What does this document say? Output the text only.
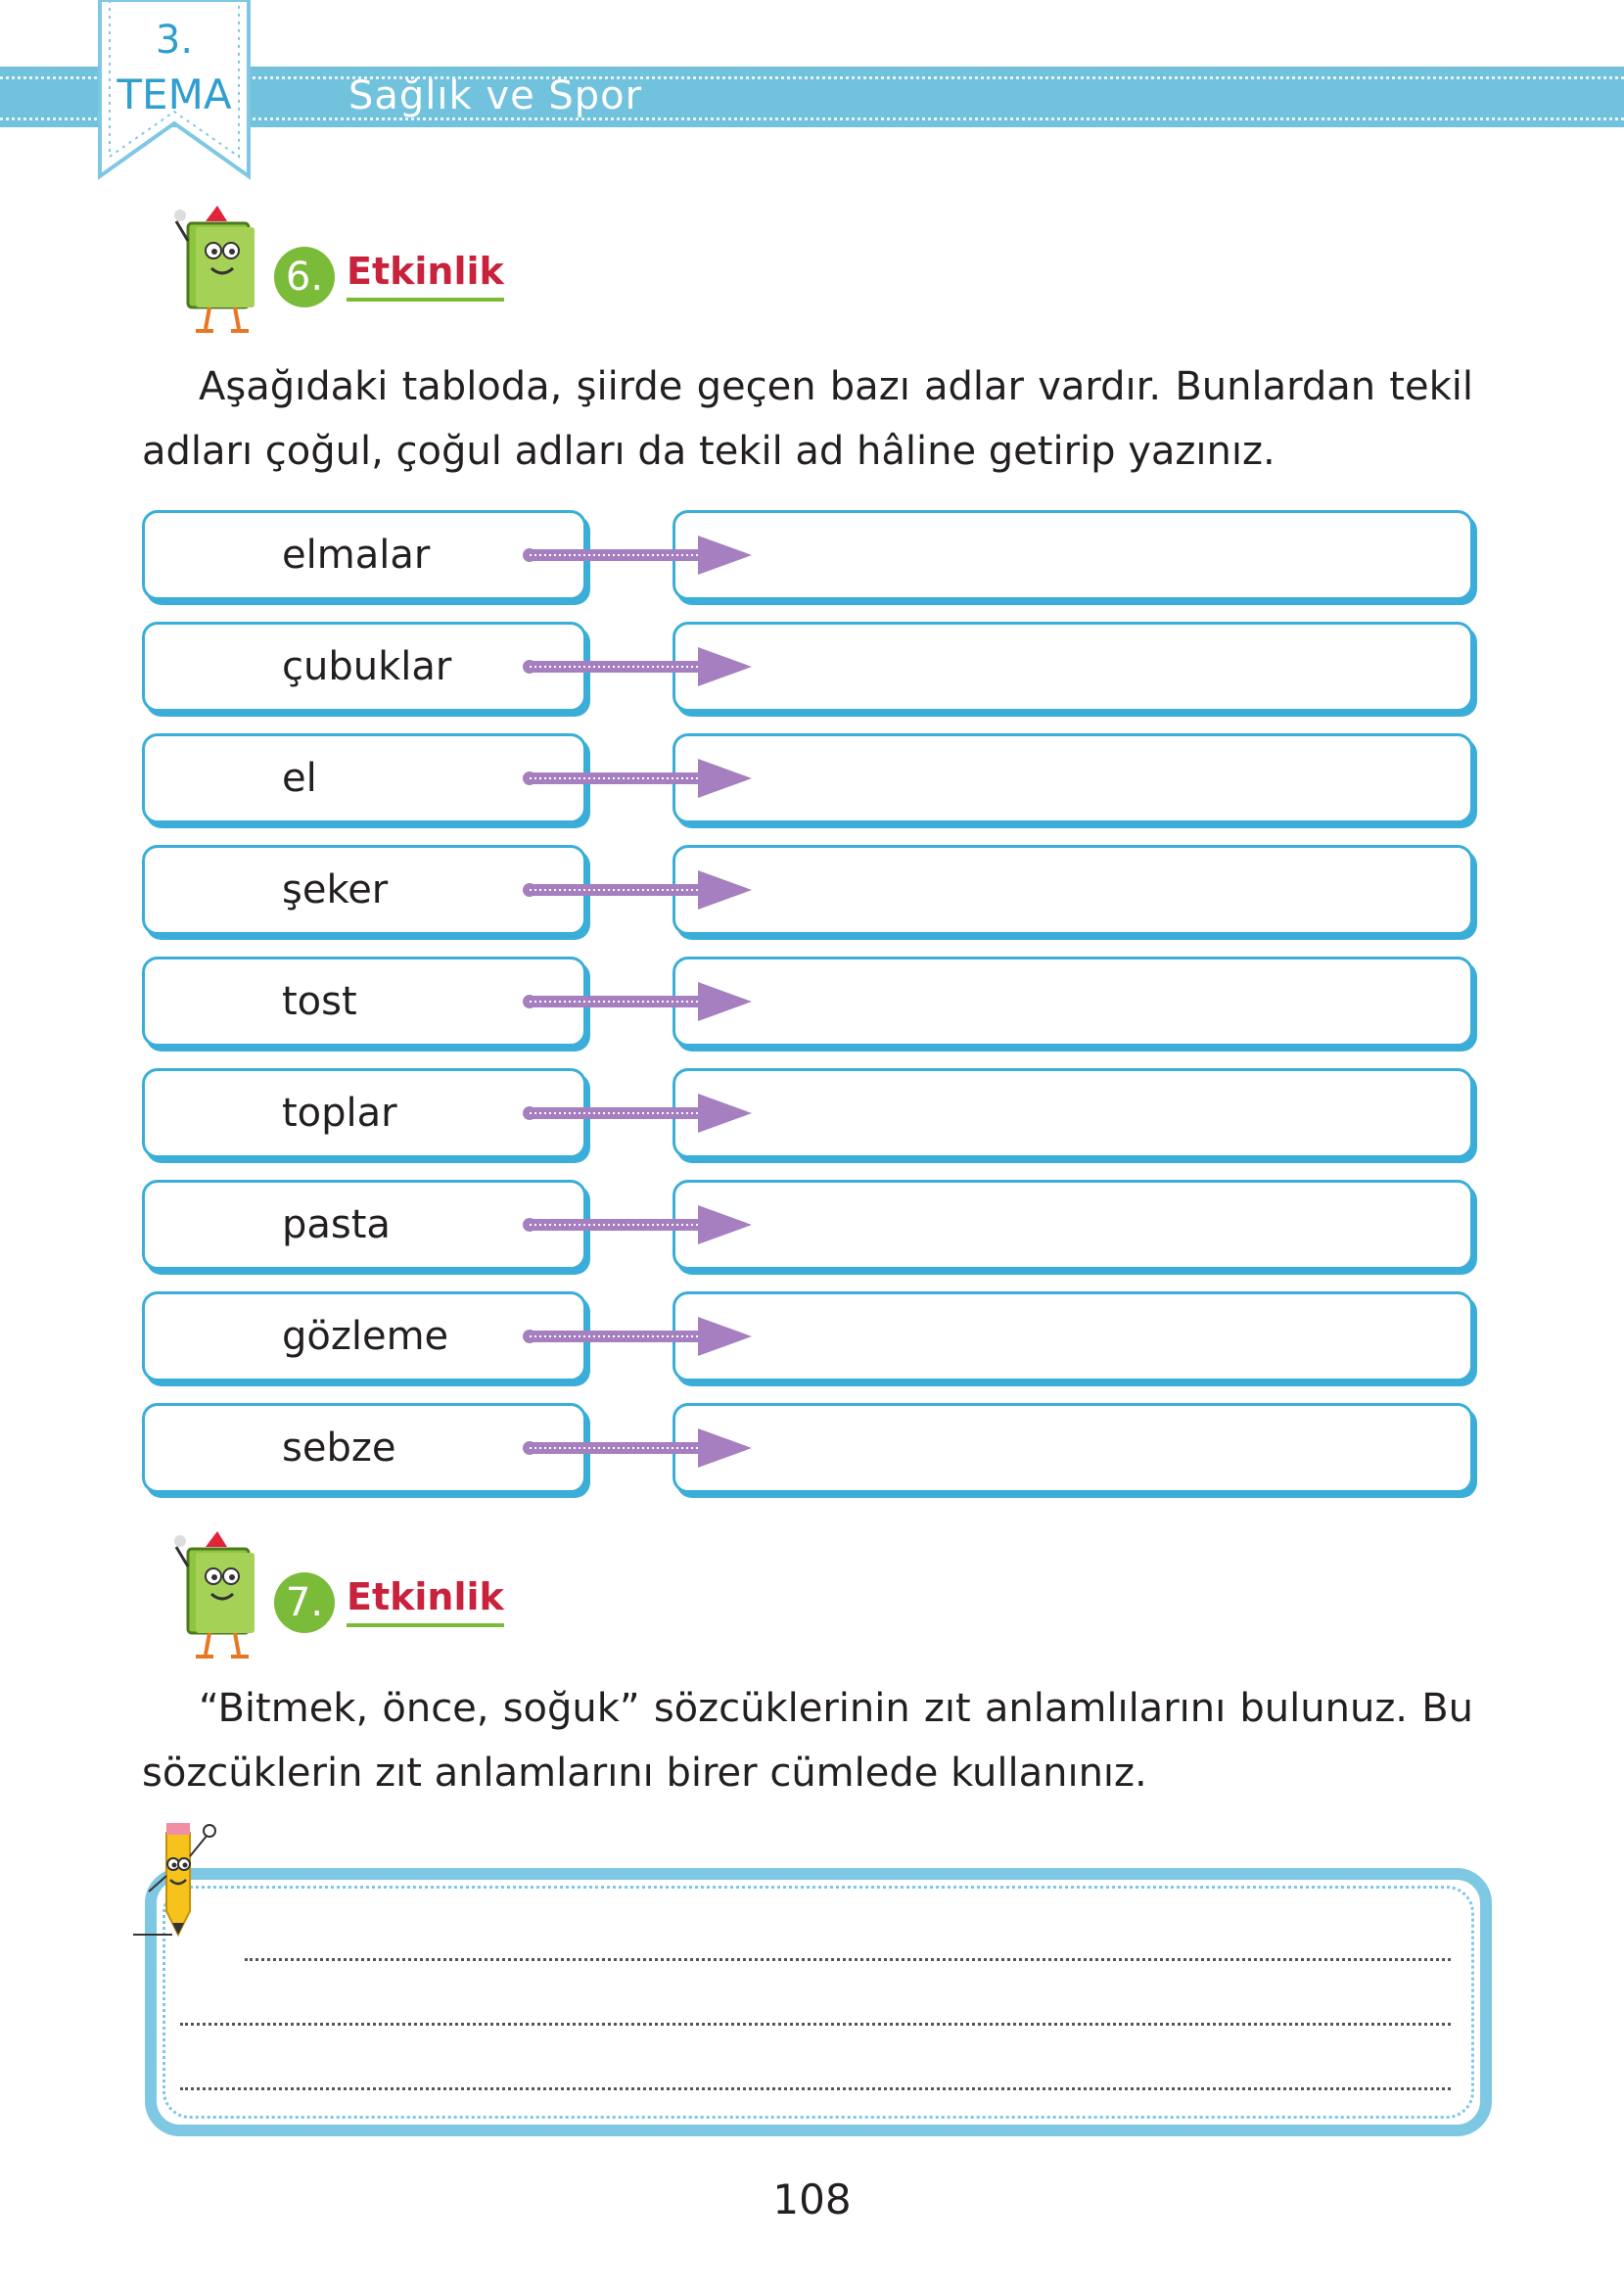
Sağlık ve Spor
3.
TEMA
6. Etkinlik
Aşağıdaki tabloda, şiirde geçen bazı adlar vardır. Bunlardan tekil adları çoğul, çoğul adları da tekil ad hâline getirip yazınız.
elmalar
çubuklar
el
şeker
tost
toplar
pasta
gözleme
sebze
7. Etkinlik
“Bitmek, önce, soğuk” sözcüklerinin zıt anlamlılarını bulunuz. Bu sözcüklerin zıt anlamlarını birer cümlede kullanınız.
108
